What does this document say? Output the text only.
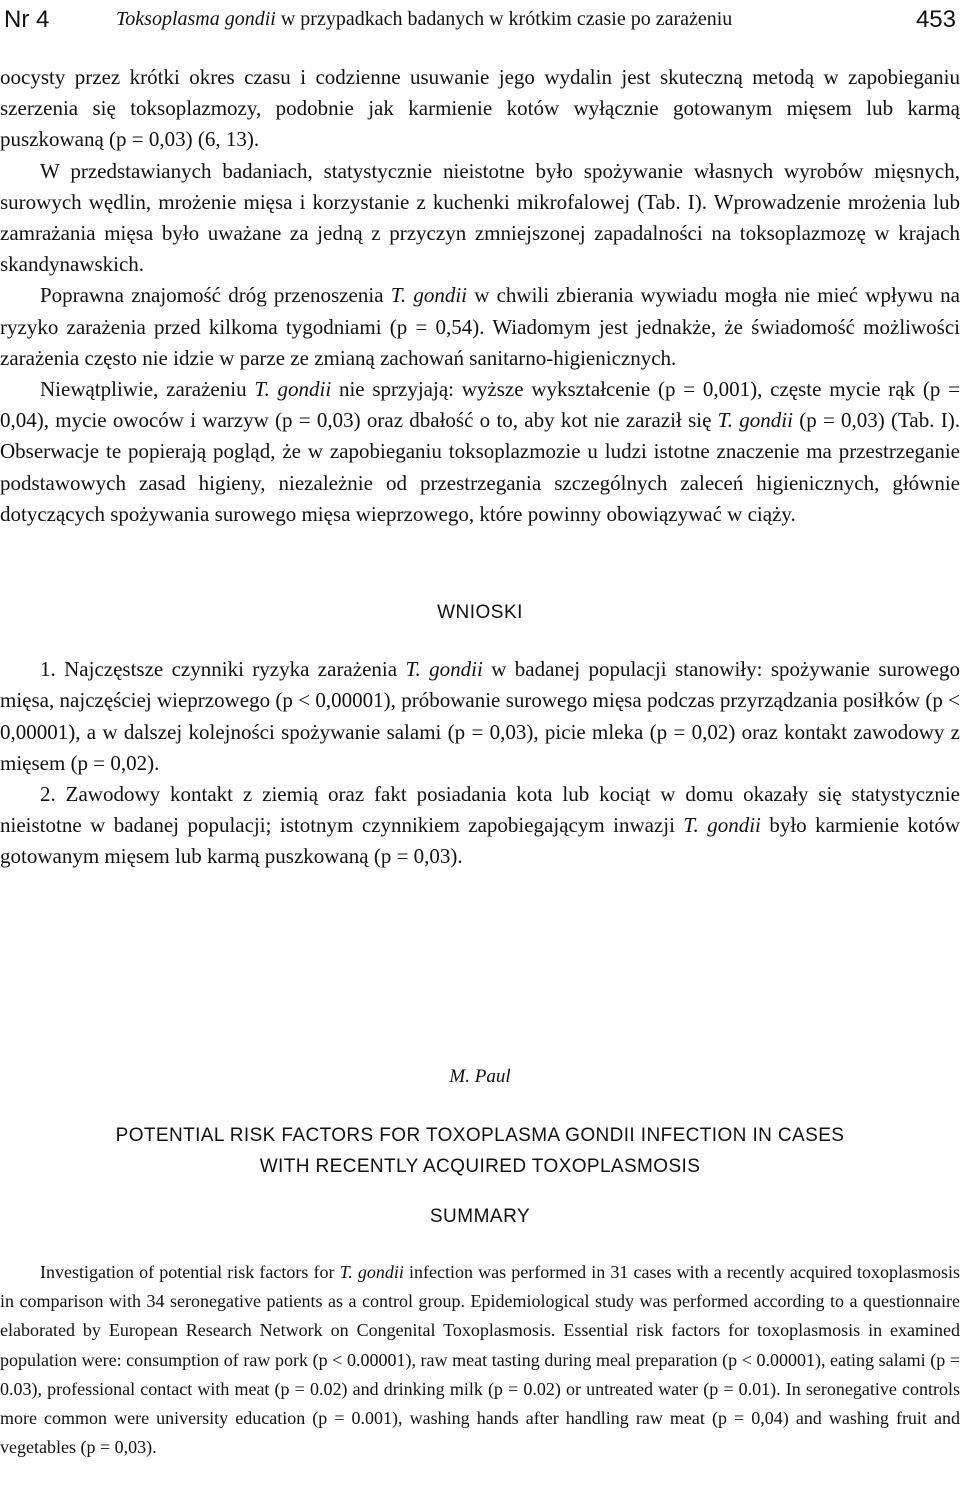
Nr 4	Toksoplasma gondii w przypadkach badanych w krótkim czasie po zarażeniu	453

oocysty przez krótki okres czasu i codzienne usuwanie jego wydalin jest skuteczną metodą w zapobieganiu szerzenia się toksoplazmozy, podobnie jak karmienie kotów wyłącznie gotowanym mięsem lub karmą puszkowaną (p = 0,03) (6, 13).

W przedstawianych badaniach, statystycznie nieistotne było spożywanie własnych wyrobów mięsnych, surowych wędlin, mrożenie mięsa i korzystanie z kuchenki mikrofalowej (Tab. I). Wprowadzenie mrożenia lub zamrażania mięsa było uważane za jedną z przyczyn zmniejszonej zapadalności na toksoplazmozę w krajach skandynawskich.

Poprawna znajomość dróg przenoszenia T. gondii w chwili zbierania wywiadu mogła nie mieć wpływu na ryzyko zarażenia przed kilkoma tygodniami (p = 0,54). Wiadomym jest jednakże, że świadomość możliwości zarażenia często nie idzie w parze ze zmianą zachowań sanitarno-higienicznych.

Niewątpliwie, zarażeniu T. gondii nie sprzyjają: wyższe wykształcenie (p = 0,001), częste mycie rąk (p = 0,04), mycie owoców i warzyw (p = 0,03) oraz dbałość o to, aby kot nie zaraził się T. gondii (p = 0,03) (Tab. I). Obserwacje te popierają pogląd, że w zapobieganiu toksoplazmozie u ludzi istotne znaczenie ma przestrzeganie podstawowych zasad higieny, niezależnie od przestrzegania szczególnych zaleceń higienicznych, głównie dotyczących spożywania surowego mięsa wieprzowego, które powinny obowiązywać w ciąży.

WNIOSKI

1. Najczęstsze czynniki ryzyka zarażenia T. gondii w badanej populacji stanowiły: spożywanie surowego mięsa, najczęściej wieprzowego (p < 0,00001), próbowanie surowego mięsa podczas przyrządzania posiłków (p < 0,00001), a w dalszej kolejności spożywanie salami (p = 0,03), picie mleka (p = 0,02) oraz kontakt zawodowy z mięsem (p = 0,02).

2. Zawodowy kontakt z ziemią oraz fakt posiadania kota lub kociąt w domu okazały się statystycznie nieistotne w badanej populacji; istotnym czynnikiem zapobiegającym inwazji T. gondii było karmienie kotów gotowanym mięsem lub karmą puszkowaną (p = 0,03).

M. Paul
POTENTIAL RISK FACTORS FOR TOXOPLASMA GONDII INFECTION IN CASES
WITH RECENTLY ACQUIRED TOXOPLASMOSIS
SUMMARY

Investigation of potential risk factors for T. gondii infection was performed in 31 cases with a recently acquired toxoplasmosis in comparison with 34 seronegative patients as a control group. Epidemiological study was performed according to a questionnaire elaborated by European Research Network on Congenital Toxoplasmosis. Essential risk factors for toxoplasmosis in examined population were: consumption of raw pork (p < 0.00001), raw meat tasting during meal preparation (p < 0.00001), eating salami (p = 0.03), professional contact with meat (p = 0.02) and drinking milk (p = 0.02) or untreated water (p = 0.01). In seronegative controls more common were university education (p = 0.001), washing hands after handling raw meat (p = 0,04) and washing fruit and vegetables (p = 0,03).
